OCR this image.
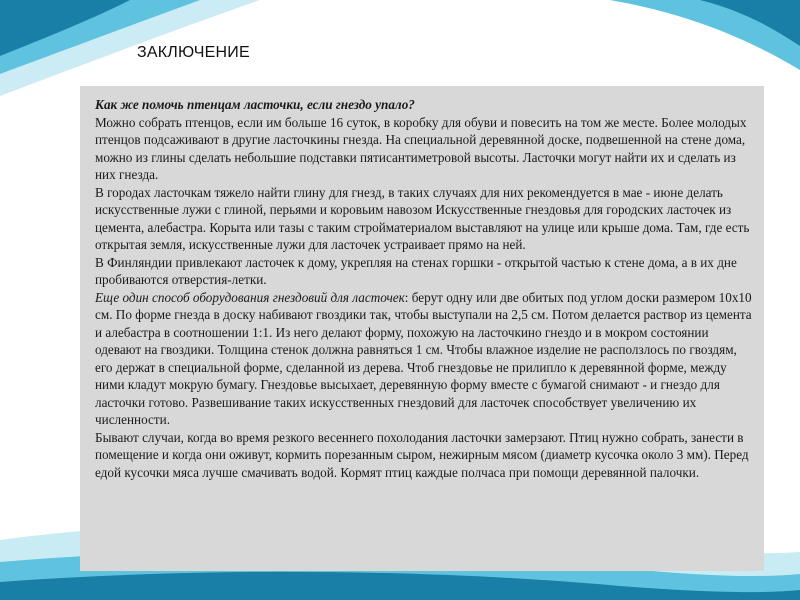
ЗАКЛЮЧЕНИЕ

Как же помочь птенцам ласточки, если гнездо упало?

Можно собрать птенцов, если им больше 16 суток, в коробку для обуви и повесить на том же месте. Более молодых птенцов подсаживают в другие ласточкины гнезда. На специальной деревянной доске, подвешенной на стене дома, можно из глины сделать небольшие подставки пятисантиметровой высоты. Ласточки могут найти их и сделать из них гнезда.

В городах ласточкам тяжело найти глину для гнезд, в таких случаях для них рекомендуется в мае - июне делать искусственные лужи с глиной, перьями и коровьим навозом Искусственные гнездовья для городских ласточек из цемента, алебастра. Корыта или тазы с таким стройматериалом выставляют на улице или крыше дома. Там, где есть открытая земля, искусственные лужи для ласточек устраивает прямо на ней.

В Финляндии привлекают ласточек к дому, укрепляя на стенах горшки - открытой частью к стене дома, а в их дне пробиваются отверстия-летки.

Еще один способ оборудования гнездовий для ласточек: берут одну или две обитых под углом доски размером 10х10 см. По форме гнезда в доску набивают гвоздики так, чтобы выступали на 2,5 см. Потом делается раствор из цемента и алебастра в соотношении 1:1. Из него делают форму, похожую на ласточкино гнездо и в мокром состоянии одевают на гвоздики. Толщина стенок должна равняться 1 см. Чтобы влажное изделие не расползлось по гвоздям, его держат в специальной форме, сделанной из дерева. Чтоб гнездовье не прилипло к деревянной форме, между ними кладут мокрую бумагу. Гнездовье высыхает, деревянную форму вместе с бумагой снимают - и гнездо для ласточки готово. Развешивание таких искусственных гнездовий для ласточек способствует увеличению их численности.

Бывают случаи, когда во время резкого весеннего похолодания ласточки замерзают. Птиц нужно собрать, занести в помещение и когда они оживут, кормить порезанным сыром, нежирным мясом (диаметр кусочка около 3 мм). Перед едой кусочки мяса лучше смачивать водой. Кормят птиц каждые полчаса при помощи деревянной палочки.
